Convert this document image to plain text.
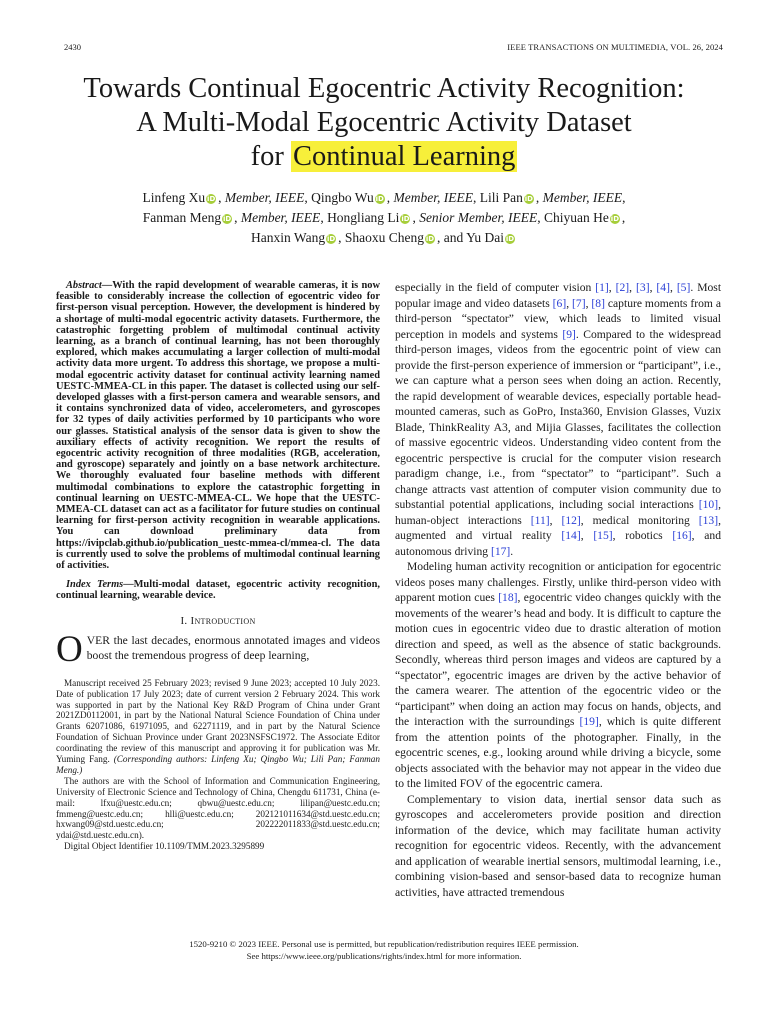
2430	IEEE TRANSACTIONS ON MULTIMEDIA, VOL. 26, 2024
Towards Continual Egocentric Activity Recognition:
A Multi-Modal Egocentric Activity Dataset
for Continual Learning
Linfeng Xu iD , Member, IEEE, Qingbo Wu iD , Member, IEEE, Lili Pan iD , Member, IEEE,
Fanman Meng iD , Member, IEEE, Hongliang Li iD , Senior Member, IEEE, Chiyuan He iD ,
Hanxin Wang iD , Shaoxu Cheng iD , and Yu Dai iD

Abstract—With the rapid development of wearable cameras, it is now feasible to considerably increase the collection of egocentric video for first-person visual perception. However, the development is hindered by a shortage of multi-modal egocentric activity datasets. Furthermore, the catastrophic forgetting problem of multimodal continual activity learning, as a branch of continual learning, has not been thoroughly explored, which makes accumulating a larger collection of multi-modal activity data more urgent. To address this shortage, we propose a multi-modal egocentric activity dataset for continual activity learning named UESTC-MMEA-CL in this paper. The dataset is collected using our self-developed glasses with a first-person camera and wearable sensors, and it contains synchronized data of video, accelerometers, and gyroscopes for 32 types of daily activities performed by 10 participants who wore our glasses. Statistical analysis of the sensor data is given to show the auxiliary effects of activity recognition. We report the results of egocentric activity recognition of three modalities (RGB, acceleration, and gyroscope) separately and jointly on a base network architecture. We thoroughly evaluated four baseline methods with different multimodal combinations to explore the catastrophic forgetting in continual learning on UESTC-MMEA-CL. We hope that the UESTC-MMEA-CL dataset can act as a facilitator for future studies on continual learning for first-person activity recognition in wearable applications. You can download preliminary data from https://ivipclab.github.io/publication_uestc-mmea-cl/mmea-cl. The data is currently used to solve the problems of multimodal continual learning of activities.

Index Terms—Multi-modal dataset, egocentric activity recognition, continual learning, wearable device.

I. Introduction

OVER the last decades, enormous annotated images and videos boost the tremendous progress of deep learning,

Manuscript received 25 February 2023; revised 9 June 2023; accepted 10 July 2023. Date of publication 17 July 2023; date of current version 2 February 2024. This work was supported in part by the National Key R&D Program of China under Grant 2021ZD0112001, in part by the National Natural Science Foundation of China under Grants 62071086, 61971095, and 62271119, and in part by the Natural Science Foundation of Sichuan Province under Grant 2023NSFSC1972. The Associate Editor coordinating the review of this manuscript and approving it for publication was Mr. Yuming Fang. (Corresponding authors: Linfeng Xu; Qingbo Wu; Lili Pan; Fanman Meng.)

The authors are with the School of Information and Communication Engineering, University of Electronic Science and Technology of China, Chengdu 611731, China (e-mail: lfxu@uestc.edu.cn; qbwu@uestc.edu.cn; lilipan@uestc.edu.cn; fmmeng@uestc.edu.cn; hlli@uestc.edu.cn; 202121011634@std.uestc.edu.cn; hxwang09@std.uestc.edu.cn; 202222011833@std.uestc.edu.cn; ydai@std.uestc.edu.cn).

Digital Object Identifier 10.1109/TMM.2023.3295899

especially in the field of computer vision [1], [2], [3], [4], [5]. Most popular image and video datasets [6], [7], [8] capture moments from a third-person “spectator” view, which leads to limited visual perception in models and systems [9]. Compared to the widespread third-person images, videos from the egocentric point of view can provide the first-person experience of immersion or “participant”, i.e., we can capture what a person sees when doing an action. Recently, the rapid development of wearable devices, especially portable head-mounted cameras, such as GoPro, Insta360, Envision Glasses, Vuzix Blade, ThinkReality A3, and Mijia Glasses, facilitates the collection of massive egocentric videos. Understanding video content from the egocentric perspective is crucial for the computer vision research paradigm change, i.e., from “spectator” to “participant”. Such a change attracts vast attention of computer vision community due to substantial potential applications, including social interactions [10], human-object interactions [11], [12], medical monitoring [13], augmented and virtual reality [14], [15], robotics [16], and autonomous driving [17].

Modeling human activity recognition or anticipation for egocentric videos poses many challenges. Firstly, unlike third-person video with apparent motion cues [18], egocentric video changes quickly with the movements of the wearer’s head and body. It is difficult to capture the motion cues in egocentric video due to drastic alteration of motion direction and speed, as well as the absence of static backgrounds. Secondly, whereas third person images and videos are captured by a “spectator”, egocentric images are driven by the active behavior of the camera wearer. The attention of the egocentric video or the “participant” when doing an action may focus on hands, objects, and the interaction with the surroundings [19], which is quite different from the attention points of the photographer. Finally, in the egocentric scenes, e.g., looking around while driving a bicycle, some objects associated with the behavior may not appear in the video due to the limited FOV of the egocentric camera.

Complementary to vision data, inertial sensor data such as gyroscopes and accelerometers provide position and direction information of the device, which may facilitate human activity recognition for egocentric videos. Recently, with the advancement and application of wearable inertial sensors, multimodal learning, i.e., combining vision-based and sensor-based data to recognize human activities, have attracted tremendous

1520-9210 © 2023 IEEE. Personal use is permitted, but republication/redistribution requires IEEE permission.
See https://www.ieee.org/publications/rights/index.html for more information.
